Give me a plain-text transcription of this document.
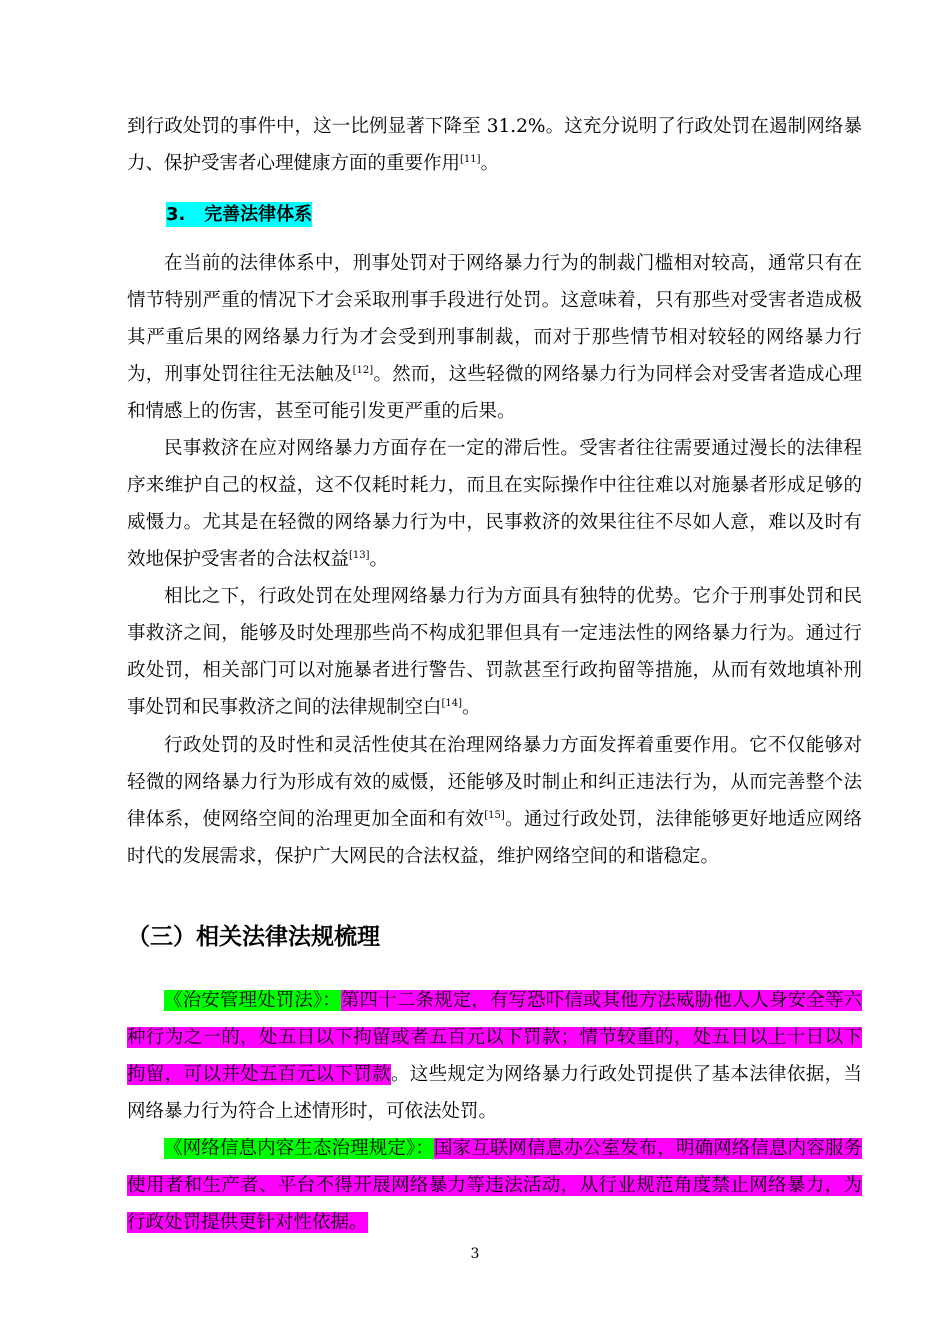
到行政处罚的事件中，这一比例显著下降至 31.2%。这充分说明了行政处罚在遏制网络暴力、保护受害者心理健康方面的重要作用[11]。

3. 完善法律体系

在当前的法律体系中，刑事处罚对于网络暴力行为的制裁门槛相对较高，通常只有在情节特别严重的情况下才会采取刑事手段进行处罚。这意味着，只有那些对受害者造成极其严重后果的网络暴力行为才会受到刑事制裁，而对于那些情节相对较轻的网络暴力行为，刑事处罚往往无法触及[12]。然而，这些轻微的网络暴力行为同样会对受害者造成心理和情感上的伤害，甚至可能引发更严重的后果。

民事救济在应对网络暴力方面存在一定的滞后性。受害者往往需要通过漫长的法律程序来维护自己的权益，这不仅耗时耗力，而且在实际操作中往往难以对施暴者形成足够的威慑力。尤其是在轻微的网络暴力行为中，民事救济的效果往往不尽如人意，难以及时有效地保护受害者的合法权益[13]。

相比之下，行政处罚在处理网络暴力行为方面具有独特的优势。它介于刑事处罚和民事救济之间，能够及时处理那些尚不构成犯罪但具有一定违法性的网络暴力行为。通过行政处罚，相关部门可以对施暴者进行警告、罚款甚至行政拘留等措施，从而有效地填补刑事处罚和民事救济之间的法律规制空白[14]。

行政处罚的及时性和灵活性使其在治理网络暴力方面发挥着重要作用。它不仅能够对轻微的网络暴力行为形成有效的威慑，还能够及时制止和纠正违法行为，从而完善整个法律体系，使网络空间的治理更加全面和有效[15]。通过行政处罚，法律能够更好地适应网络时代的发展需求，保护广大网民的合法权益，维护网络空间的和谐稳定。

（三）相关法律法规梳理

《治安管理处罚法》：第四十二条规定，有写恐吓信或其他方法威胁他人人身安全等六种行为之一的，处五日以下拘留或者五百元以下罚款；情节较重的，处五日以上十日以下拘留，可以并处五百元以下罚款。这些规定为网络暴力行政处罚提供了基本法律依据，当网络暴力行为符合上述情形时，可依法处罚。

《网络信息内容生态治理规定》：国家互联网信息办公室发布，明确网络信息内容服务使用者和生产者、平台不得开展网络暴力等违法活动，从行业规范角度禁止网络暴力，为行政处罚提供更针对性依据。

3
